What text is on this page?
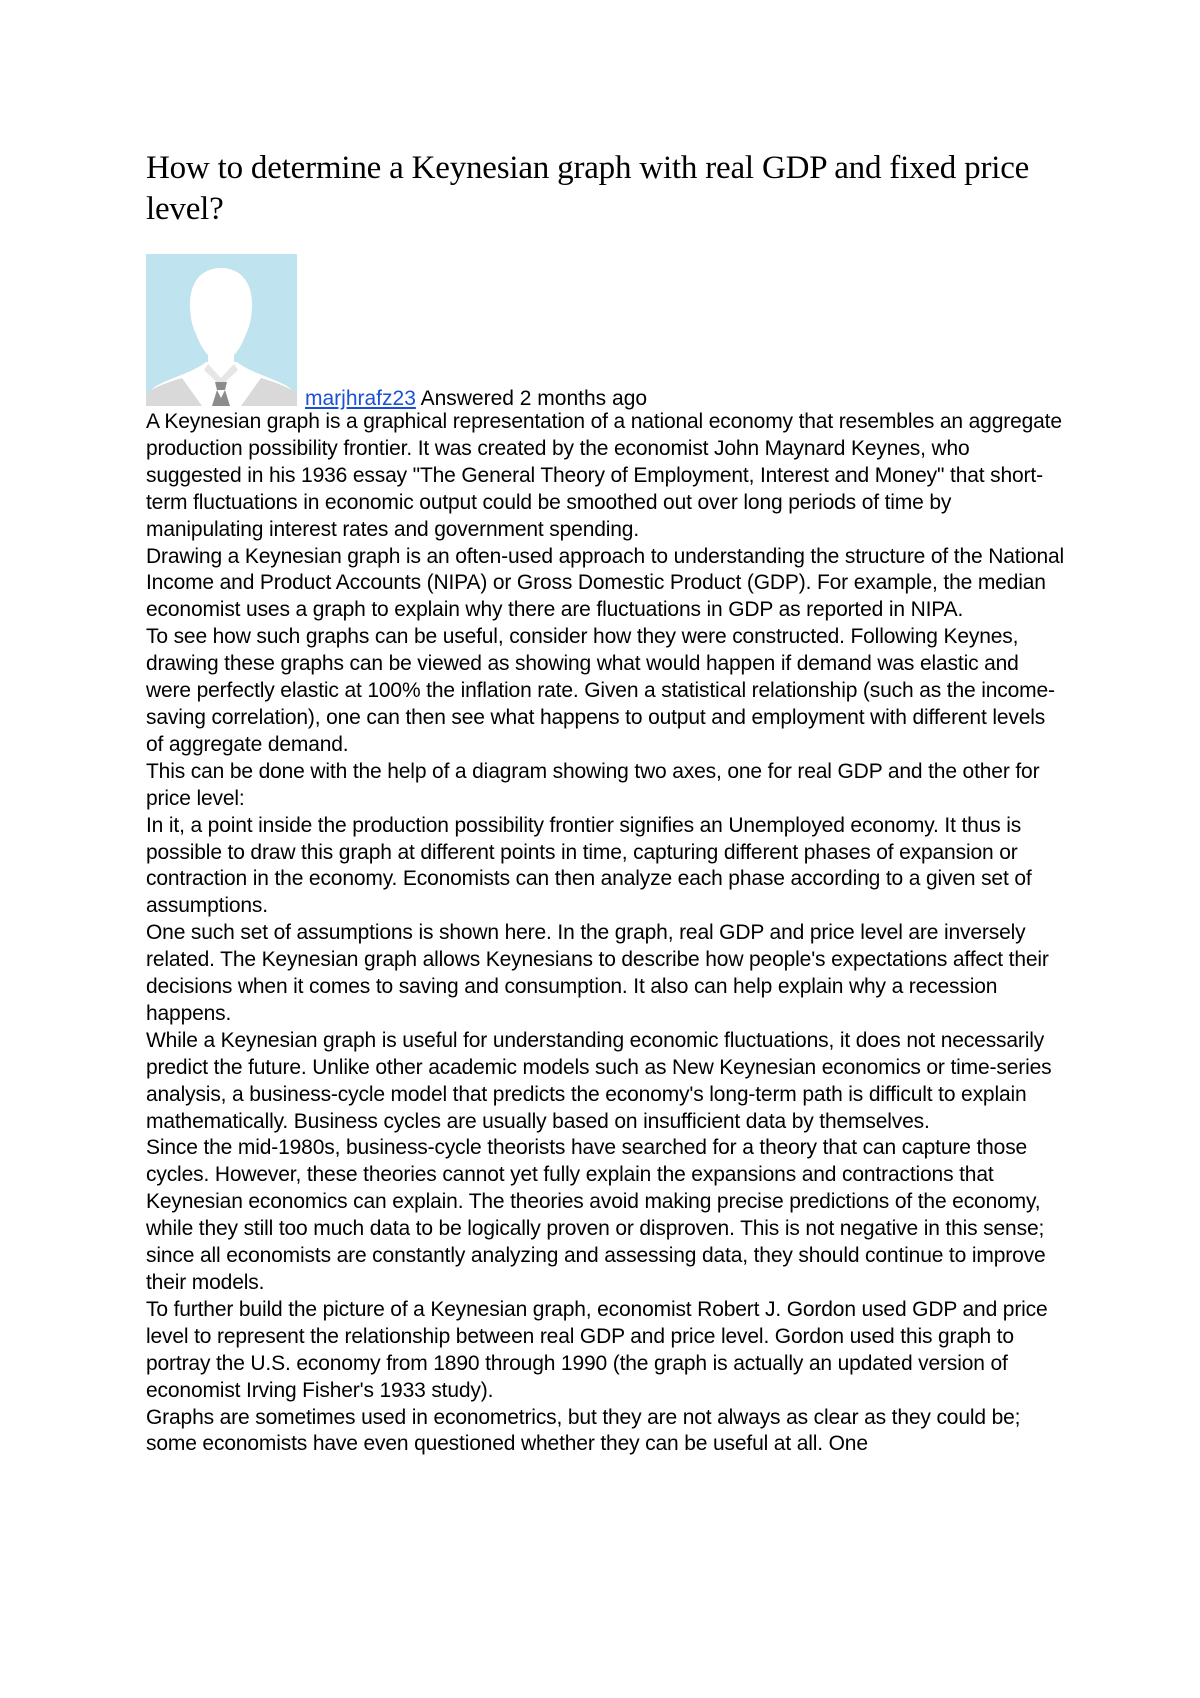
How to determine a Keynesian graph with real GDP and fixed price level?
marjhrafz23 Answered 2 months ago

A Keynesian graph is a graphical representation of a national economy that resembles an aggregate production possibility frontier. It was created by the economist John Maynard Keynes, who suggested in his 1936 essay "The General Theory of Employment, Interest and Money" that short-term fluctuations in economic output could be smoothed out over long periods of time by manipulating interest rates and government spending.

Drawing a Keynesian graph is an often-used approach to understanding the structure of the National Income and Product Accounts (NIPA) or Gross Domestic Product (GDP). For example, the median economist uses a graph to explain why there are fluctuations in GDP as reported in NIPA.

To see how such graphs can be useful, consider how they were constructed. Following Keynes, drawing these graphs can be viewed as showing what would happen if demand was elastic and were perfectly elastic at 100% the inflation rate. Given a statistical relationship (such as the income-saving correlation), one can then see what happens to output and employment with different levels of aggregate demand.

This can be done with the help of a diagram showing two axes, one for real GDP and the other for price level:

In it, a point inside the production possibility frontier signifies an Unemployed economy. It thus is possible to draw this graph at different points in time, capturing different phases of expansion or contraction in the economy. Economists can then analyze each phase according to a given set of assumptions.

One such set of assumptions is shown here. In the graph, real GDP and price level are inversely related. The Keynesian graph allows Keynesians to describe how people's expectations affect their decisions when it comes to saving and consumption. It also can help explain why a recession happens.

While a Keynesian graph is useful for understanding economic fluctuations, it does not necessarily predict the future. Unlike other academic models such as New Keynesian economics or time-series analysis, a business-cycle model that predicts the economy's long-term path is difficult to explain mathematically. Business cycles are usually based on insufficient data by themselves.

Since the mid-1980s, business-cycle theorists have searched for a theory that can capture those cycles. However, these theories cannot yet fully explain the expansions and contractions that Keynesian economics can explain. The theories avoid making precise predictions of the economy, while they still too much data to be logically proven or disproven. This is not negative in this sense; since all economists are constantly analyzing and assessing data, they should continue to improve their models.

To further build the picture of a Keynesian graph, economist Robert J. Gordon used GDP and price level to represent the relationship between real GDP and price level. Gordon used this graph to portray the U.S. economy from 1890 through 1990 (the graph is actually an updated version of economist Irving Fisher's 1933 study).

Graphs are sometimes used in econometrics, but they are not always as clear as they could be; some economists have even questioned whether they can be useful at all. One
